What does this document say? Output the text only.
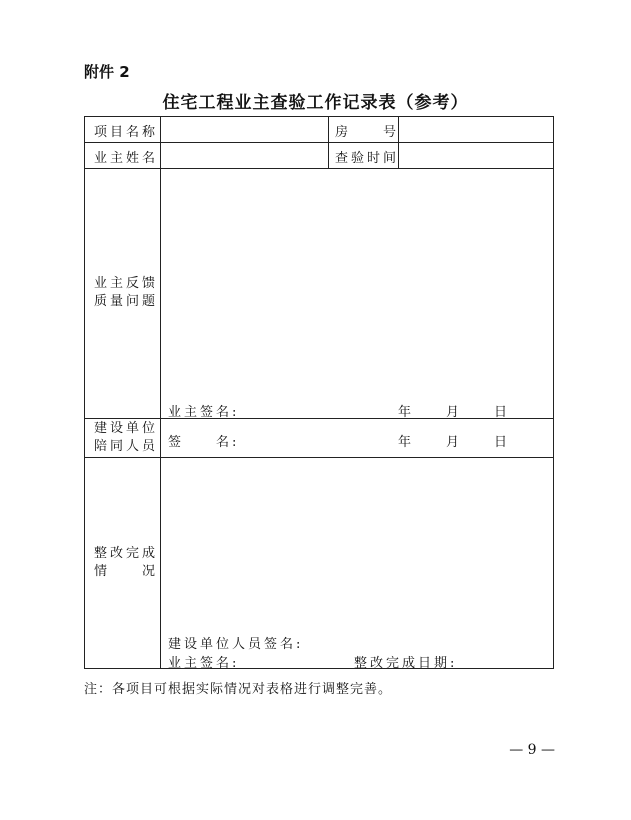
附件 2
住宅工程业主查验工作记录表（参考）
项目名称	房　　号
业主姓名	查验时间
业主反馈
质量问题
业主签名:	年　　月　　日
建设单位
陪同人员 签　　名:	年　　月　　日
整改完成
情　　况
建设单位人员签名:
业主签名:	整改完成日期:
注：各项目可根据实际情况对表格进行调整完善。
— 9 —
